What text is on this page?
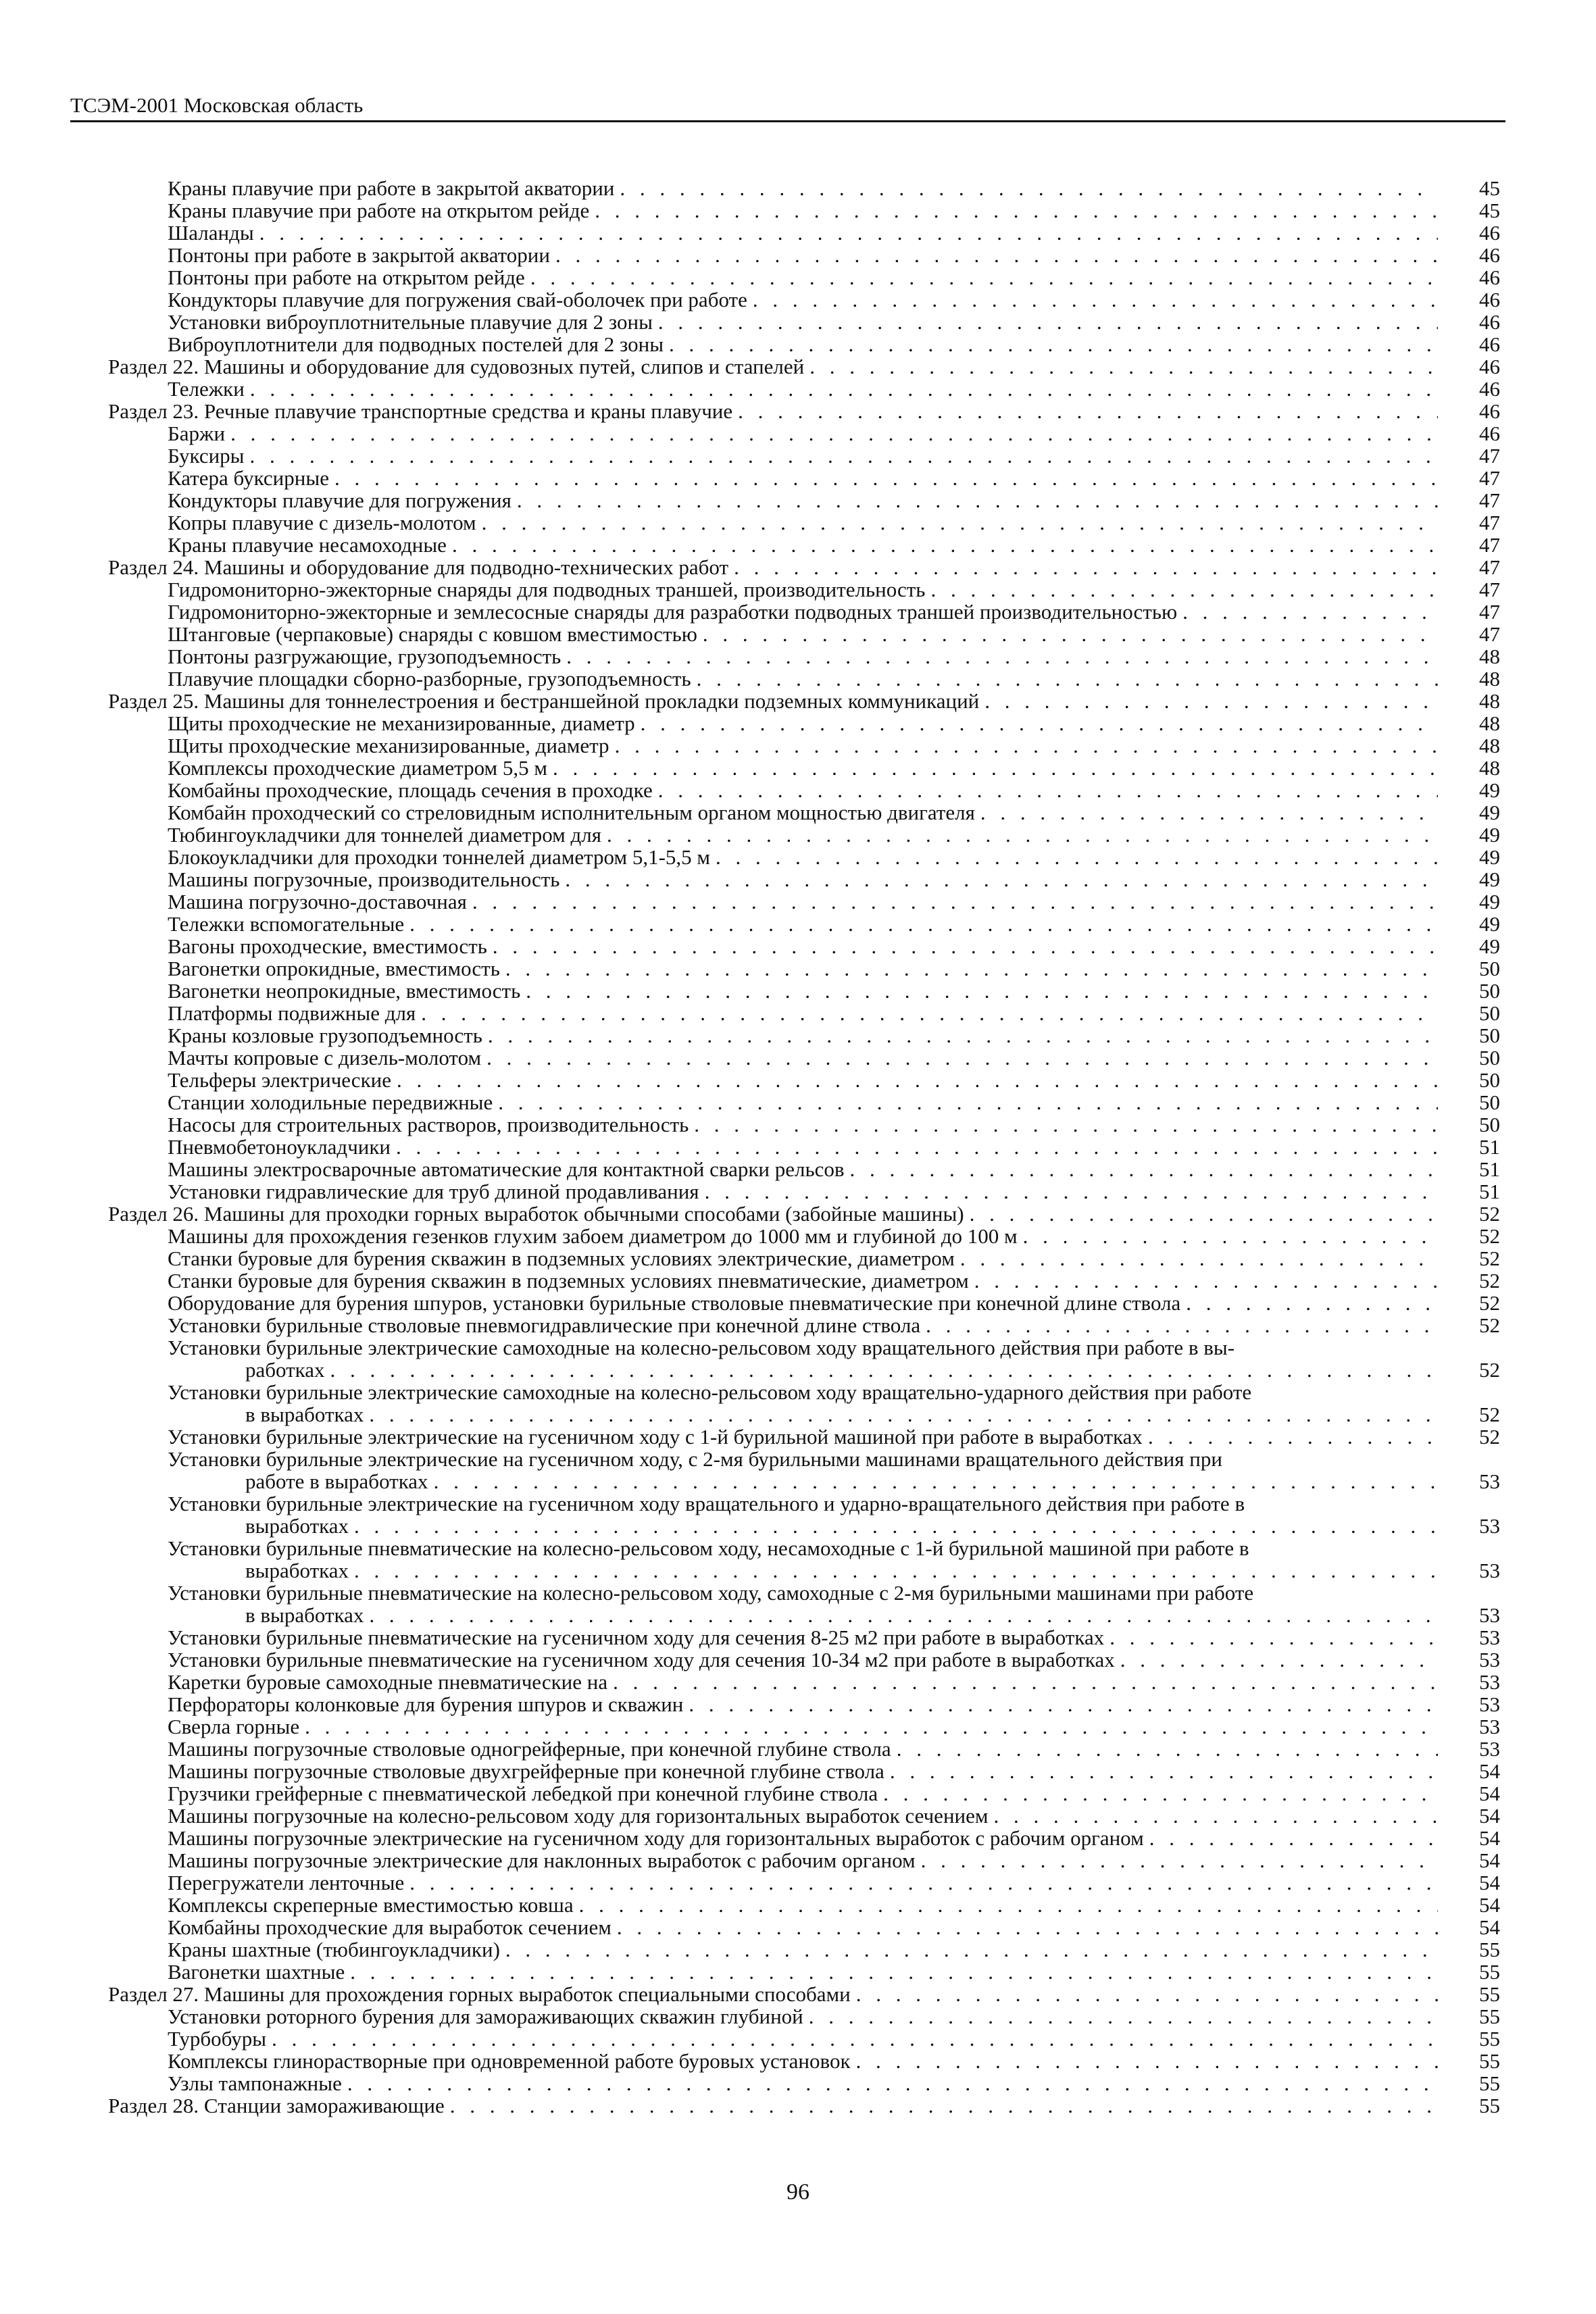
ТСЭМ-2001 Московская область
Краны плавучие при работе в закрытой акватории . . .	45
Краны плавучие при работе на открытом рейде . . .	45
Шаланды . . .	46
Понтоны при работе в закрытой акватории . . .	46
Понтоны при работе на открытом рейде . . .	46
Кондукторы плавучие для погружения свай-оболочек при работе . . .	46
Установки виброуплотнительные плавучие для 2 зоны . . .	46
Виброуплотнители для подводных постелей для 2 зоны . . .	46
Раздел 22. Машины и оборудование для судовозных путей, слипов и стапелей . . .	46
Тележки . . .	46
Раздел 23. Речные плавучие транспортные средства и краны плавучие . . .	46
Баржи . . .	46
Буксиры . . .	47
Катера буксирные . . .	47
Кондукторы плавучие для погружения . . .	47
Копры плавучие с дизель-молотом . . .	47
Краны плавучие несамоходные . . .	47
Раздел 24. Машины и оборудование для подводно-технических работ . . .	47
Гидромониторно-эжекторные снаряды для подводных траншей, производительность . . .	47
Гидромониторно-эжекторные и землесосные снаряды для разработки подводных траншей производительностью . . .	47
Штанговые (черпаковые) снаряды с ковшом вместимостью . . .	47
Понтоны разгружающие, грузоподъемность . . .	48
Плавучие площадки сборно-разборные, грузоподъемность . . .	48
Раздел 25. Машины для тоннелестроения и бестраншейной прокладки подземных коммуникаций . . .	48
Щиты проходческие не механизированные, диаметр . . .	48
Щиты проходческие механизированные, диаметр . . .	48
Комплексы проходческие диаметром 5,5 м . . .	48
Комбайны проходческие, площадь сечения в проходке . . .	49
Комбайн проходческий со стреловидным исполнительным органом мощностью двигателя . . .	49
Тюбингоукладчики для тоннелей диаметром для . . .	49
Блокоукладчики для проходки тоннелей диаметром 5,1-5,5 м . . .	49
Машины погрузочные, производительность . . .	49
Машина погрузочно-доставочная . . .	49
Тележки вспомогательные . . .	49
Вагоны проходческие, вместимость . . .	49
Вагонетки опрокидные, вместимость . . .	50
Вагонетки неопрокидные, вместимость . . .	50
Платформы подвижные для . . .	50
Краны козловые грузоподъемность . . .	50
Мачты копровые с дизель-молотом . . .	50
Тельферы электрические . . .	50
Станции холодильные передвижные . . .	50
Насосы для строительных растворов, производительность . . .	50
Пневмобетоноукладчики . . .	51
Машины электросварочные автоматические для контактной сварки рельсов . . .	51
Установки гидравлические для труб длиной продавливания . . .	51
Раздел 26. Машины для проходки горных выработок обычными способами (забойные машины) . . .	52
Машины для прохождения гезенков глухим забоем диаметром до 1000 мм и глубиной до 100 м . . .	52
Станки буровые для бурения скважин в подземных условиях электрические, диаметром . . .	52
Станки буровые для бурения скважин в подземных условиях пневматические, диаметром . . .	52
Оборудование для бурения шпуров, установки бурильные стволовые пневматические при конечной длине ствола . . .	52
Установки бурильные стволовые пневмогидравлические при конечной длине ствола . . .	52
Установки бурильные электрические самоходные на колесно-рельсовом ходу вращательного действия при работе в вы-
работках . . .	52
Установки бурильные электрические самоходные на колесно-рельсовом ходу вращательно-ударного действия при работе
в выработках . . .	52
Установки бурильные электрические на гусеничном ходу с 1-й бурильной машиной при работе в выработках . . .	52
Установки бурильные электрические на гусеничном ходу, с 2-мя бурильными машинами вращательного действия при
работе в выработках . . .	53
Установки бурильные электрические на гусеничном ходу вращательного и ударно-вращательного действия при работе в
выработках . . .	53
Установки бурильные пневматические на колесно-рельсовом ходу, несамоходные с 1-й бурильной машиной при работе в
выработках . . .	53
Установки бурильные пневматические на колесно-рельсовом ходу, самоходные с 2-мя бурильными машинами при работе
в выработках . . .	53
Установки бурильные пневматические на гусеничном ходу для сечения 8-25 м2 при работе в выработках . . .	53
Установки бурильные пневматические на гусеничном ходу для сечения 10-34 м2 при работе в выработках . . .	53
Каретки буровые самоходные пневматические на . . .	53
Перфораторы колонковые для бурения шпуров и скважин . . .	53
Сверла горные . . .	53
Машины погрузочные стволовые одногрейферные, при конечной глубине ствола . . .	53
Машины погрузочные стволовые двухгрейферные при конечной глубине ствола . . .	54
Грузчики грейферные с пневматической лебедкой при конечной глубине ствола . . .	54
Машины погрузочные на колесно-рельсовом ходу для горизонтальных выработок сечением . . .	54
Машины погрузочные электрические на гусеничном ходу для горизонтальных выработок с рабочим органом . . .	54
Машины погрузочные электрические для наклонных выработок с рабочим органом . . .	54
Перегружатели ленточные . . .	54
Комплексы скреперные вместимостью ковша . . .	54
Комбайны проходческие для выработок сечением . . .	54
Краны шахтные (тюбингоукладчики) . . .	55
Вагонетки шахтные . . .	55
Раздел 27. Машины для прохождения горных выработок специальными способами . . .	55
Установки роторного бурения для замораживающих скважин глубиной . . .	55
Турбобуры . . .	55
Комплексы глинорастворные при одновременной работе буровых установок . . .	55
Узлы тампонажные . . .	55
Раздел 28. Станции замораживающие . . .	55
96
